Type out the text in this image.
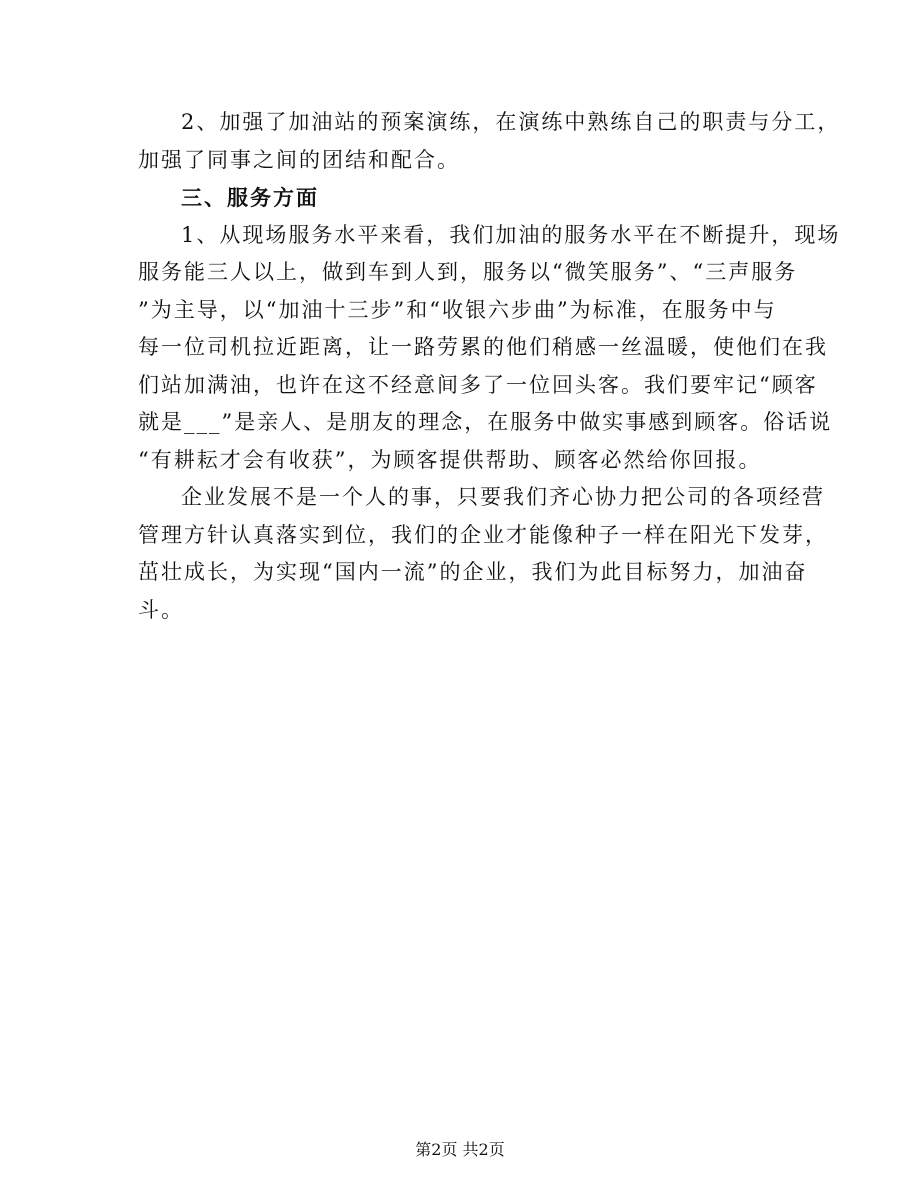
2、加强了加油站的预案演练，在演练中熟练自己的职责与分工，

加强了同事之间的团结和配合。

三、服务方面

1、从现场服务水平来看，我们加油的服务水平在不断提升，现场

服务能三人以上，做到车到人到，服务以“微笑服务”、“三声服务

”为主导，以“加油十三步”和“收银六步曲”为标准，在服务中与

每一位司机拉近距离，让一路劳累的他们稍感一丝温暖，使他们在我

们站加满油，也许在这不经意间多了一位回头客。我们要牢记“顾客

就是___”是亲人、是朋友的理念，在服务中做实事感到顾客。俗话说

“有耕耘才会有收获”，为顾客提供帮助、顾客必然给你回报。

企业发展不是一个人的事，只要我们齐心协力把公司的各项经营

管理方针认真落实到位，我们的企业才能像种子一样在阳光下发芽，

茁壮成长，为实现“国内一流”的企业，我们为此目标努力，加油奋

斗。

第2页 共2页
